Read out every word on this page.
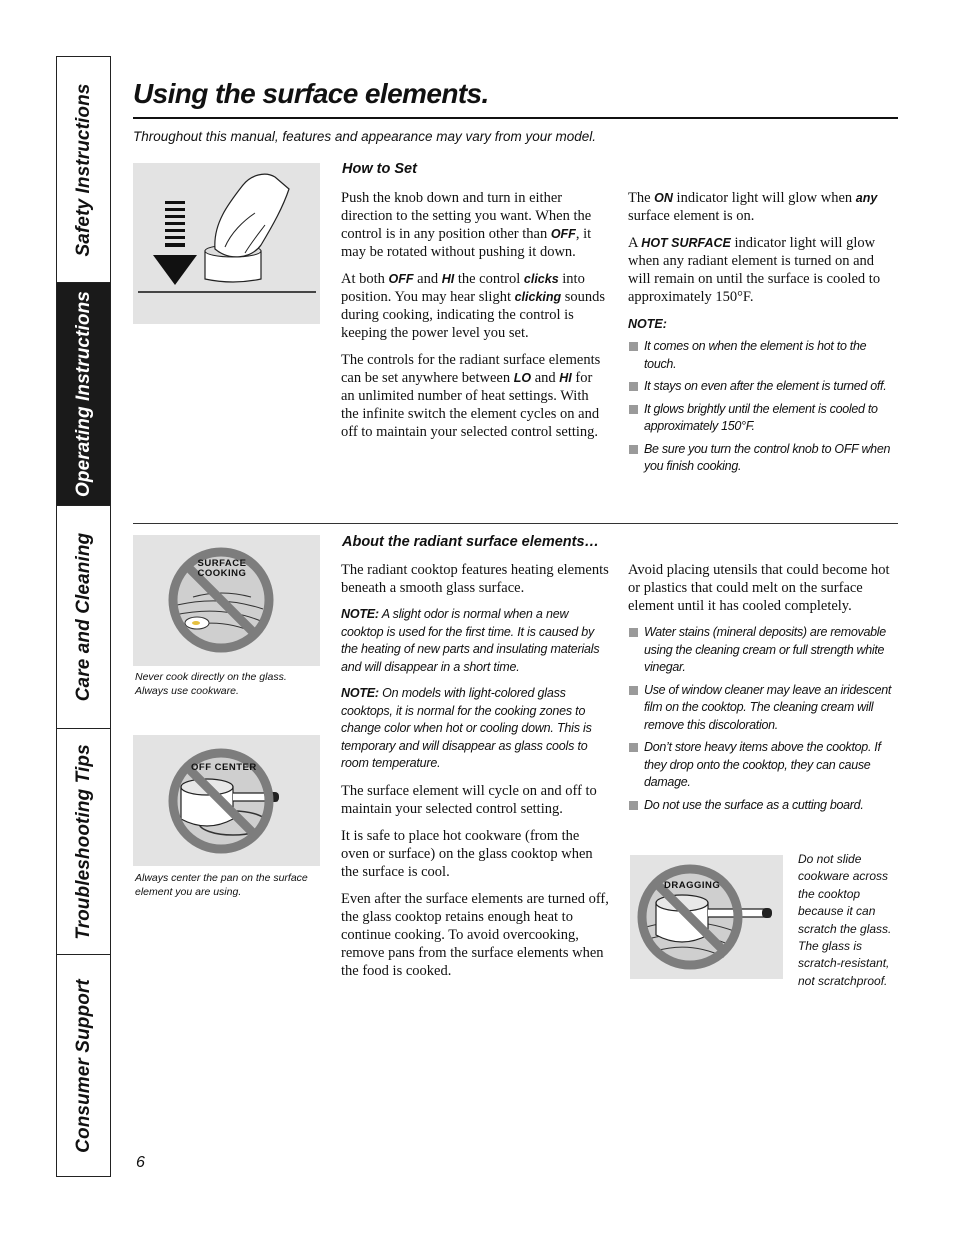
Safety Instructions
Operating Instructions
Care and Cleaning
Troubleshooting Tips
Consumer Support
Using the surface elements.
Throughout this manual, features and appearance may vary from your model.
How to Set

Push the knob down and turn in either direction to the setting you want. When the control is in any position other than OFF, it may be rotated without pushing it down.

At both OFF and HI the control clicks into position. You may hear slight clicking sounds during cooking, indicating the control is keeping the power level you set.

The controls for the radiant surface elements can be set anywhere between LO and HI for an unlimited number of heat settings. With the infinite switch the element cycles on and off to maintain your selected control setting.

The ON indicator light will glow when any surface element is on.

A HOT SURFACE indicator light will glow when any radiant element is turned on and will remain on until the surface is cooled to approximately 150°F.

NOTE:
It comes on when the element is hot to the touch.
It stays on even after the element is turned off.
It glows brightly until the element is cooled to approximately 150°F.
Be sure you turn the control knob to OFF when you finish cooking.
About the radiant surface elements…
SURFACE
COOKING
Never cook directly on the glass. Always use cookware.
OFF CENTER
Always center the pan on the surface element you are using.

The radiant cooktop features heating elements beneath a smooth glass surface.

NOTE: A slight odor is normal when a new cooktop is used for the first time. It is caused by the heating of new parts and insulating materials and will disappear in a short time.

NOTE: On models with light-colored glass cooktops, it is normal for the cooking zones to change color when hot or cooling down. This is temporary and will disappear as glass cools to room temperature.

The surface element will cycle on and off to maintain your selected control setting.

It is safe to place hot cookware (from the oven or surface) on the glass cooktop when the surface is cool.

Even after the surface elements are turned off, the glass cooktop retains enough heat to continue cooking. To avoid overcooking, remove pans from the surface elements when the food is cooked.

Avoid placing utensils that could become hot or plastics that could melt on the surface element until it has cooled completely.

Water stains (mineral deposits) are removable using the cleaning cream or full strength white vinegar.
Use of window cleaner may leave an iridescent film on the cooktop. The cleaning cream will remove this discoloration.
Don’t store heavy items above the cooktop. If they drop onto the cooktop, they can cause damage.
Do not use the surface as a cutting board.
DRAGGING
Do not slide cookware across the cooktop because it can scratch the glass. The glass is scratch-resistant, not scratchproof.
6
